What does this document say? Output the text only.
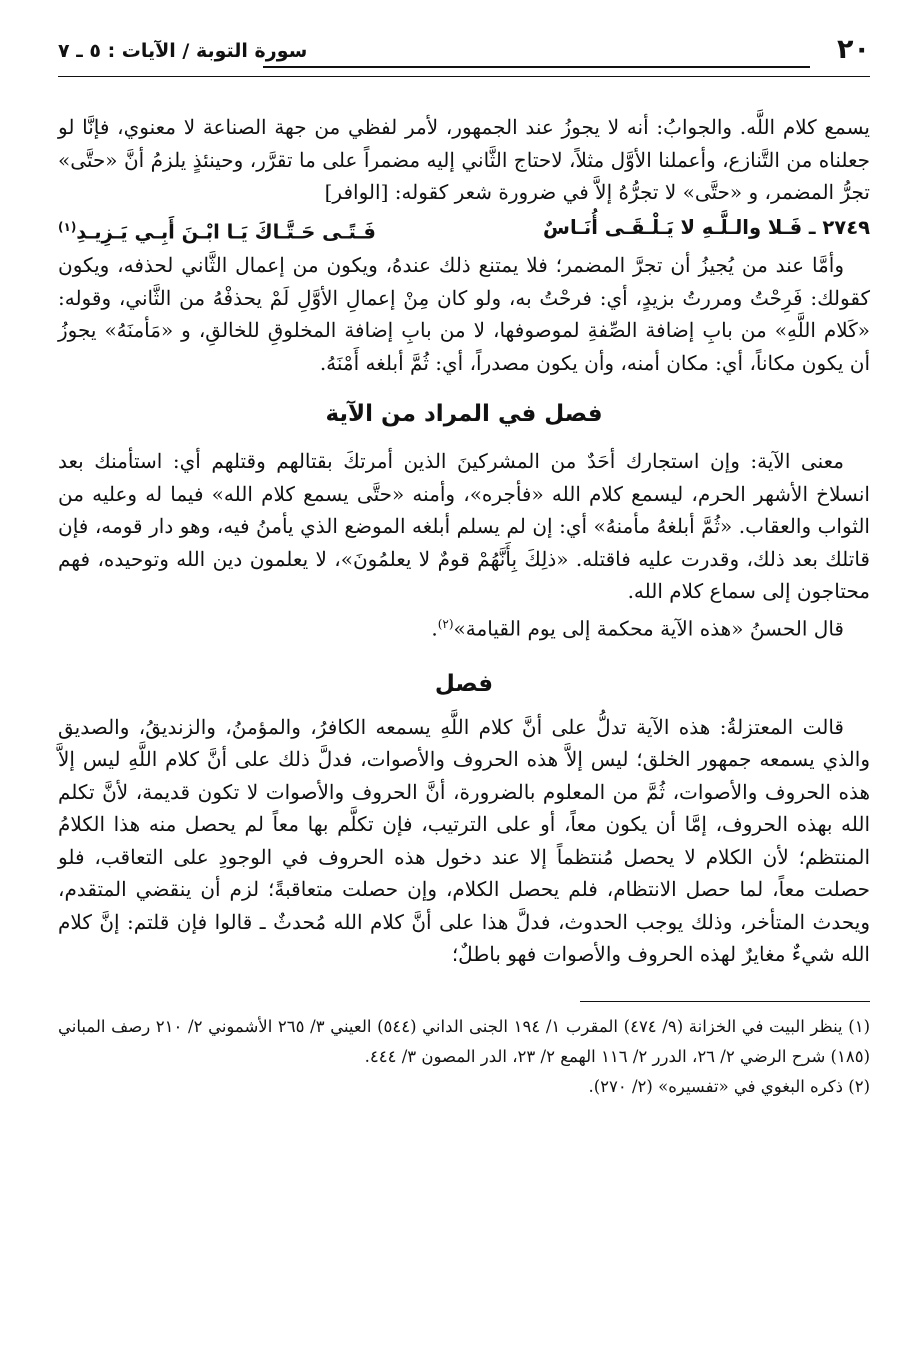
٢٠
سورة التوبة / الآيات : ٥ ـ ٧

يسمع كلام اللَّه. والجوابُ: أنه لا يجوزُ عند الجمهور، لأمر لفظي من جهة الصناعة لا معنوي، فإنَّا لو جعلناه من التَّنازع، وأعملنا الأوَّل مثلاً، لاحتاج الثَّاني إليه مضمراً على ما تقرَّر، وحينئذٍ يلزمُ أنَّ «حتَّى» تجرُّ المضمر، و «حتَّى» لا تجرُّهُ إلاَّ في ضرورة شعر كقوله: [الوافر]

٢٧٤٩ ـ فَـلا والـلَّـهِ لا يَـلْـقَـى أُنَـاسٌ
فَـتًـى حَـتَّـاكَ يَـا ابْـنَ أَبِـي يَـزِيـدِ$^{(١)}$

وأمَّا عند من يُجيزُ أن تجرَّ المضمر؛ فلا يمتنع ذلك عندهُ، ويكون من إعمال الثَّاني لحذفه، ويكون كقولك: فَرِحْتُ ومررتُ بزيدٍ، أي: فرحْتُ به، ولو كان مِنْ إعمالِ الأوَّلِ لَمْ يحذفْهُ من الثَّاني، وقوله: «كَلام اللَّهِ» من بابِ إضافة الصِّفةِ لموصوفها، لا من بابِ إضافة المخلوقِ للخالقِ، و «مَأمنَهُ» يجوزُ أن يكون مكاناً، أي: مكان أمنه، وأن يكون مصدراً، أي: ثُمَّ أبلغه أَمْنَهُ.

فصل في المراد من الآية

معنى الآية: وإن استجارك أحَدٌ من المشركينَ الذين أمرتكَ بقتالهم وقتلهم أي: استأمنك بعد انسلاخ الأشهر الحرم، ليسمع كلام الله «فأجره»، وأمنه «حتَّى يسمع كلام الله» فيما له وعليه من الثواب والعقاب. «ثُمَّ أبلغهُ مأمنهُ» أي: إن لم يسلم أبلغه الموضع الذي يأمنُ فيه، وهو دار قومه، فإن قاتلك بعد ذلك، وقدرت عليه فاقتله. «ذلِكَ بِأَنَّهُمْ قومٌ لا يعلمُونَ»، لا يعلمون دين الله وتوحيده، فهم محتاجون إلى سماع كلام الله.

قال الحسنُ «هذه الآية محكمة إلى يوم القيامة»$^{(٢)}$.

فصل

قالت المعتزلةُ: هذه الآية تدلُّ على أنَّ كلام اللَّهِ يسمعه الكافرُ، والمؤمنُ، والزنديقُ، والصديق والذي يسمعه جمهور الخلق؛ ليس إلاَّ هذه الحروف والأصوات، فدلَّ ذلك على أنَّ كلام اللَّهِ ليس إلاَّ هذه الحروف والأصوات، ثُمَّ من المعلوم بالضرورة، أنَّ الحروف والأصوات لا تكون قديمة، لأنَّ تكلم الله بهذه الحروف، إمَّا أن يكون معاً، أو على الترتيب، فإن تكلَّم بها معاً لم يحصل منه هذا الكلامُ المنتظم؛ لأن الكلام لا يحصل مُنتظماً إلا عند دخول هذه الحروف في الوجودِ على التعاقب، فلو حصلت معاً، لما حصل الانتظام، فلم يحصل الكلام، وإن حصلت متعاقبةً؛ لزم أن ينقضي المتقدم، ويحدث المتأخر، وذلك يوجب الحدوث، فدلَّ هذا على أنَّ كلام الله مُحدثٌ ـ قالوا فإن قلتم: إنَّ كلام الله شيءٌ مغايرٌ لهذه الحروف والأصوات فهو باطلٌ؛

(١) ينظر البيت في الخزانة (٩/ ٤٧٤) المقرب ١/ ١٩٤ الجنى الداني (٥٤٤) العيني ٣/ ٢٦٥ الأشموني ٢/ ٢١٠ رصف المباني (١٨٥) شرح الرضي ٢/ ٢٦، الدرر ٢/ ١١٦ الهمع ٢/ ٢٣، الدر المصون ٣/ ٤٤٤.

(٢) ذكره البغوي في «تفسيره» (٢/ ٢٧٠).
